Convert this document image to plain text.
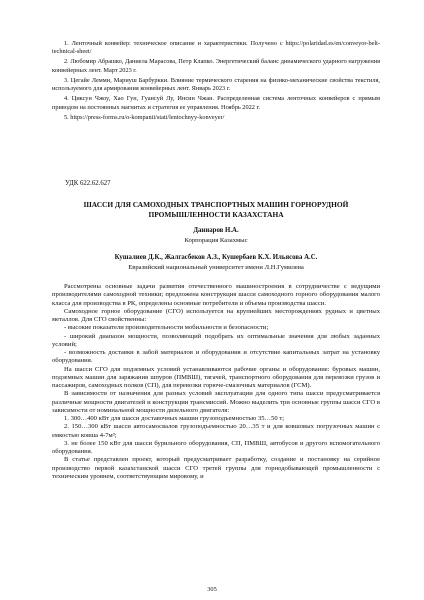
1. Ленточный конвейер: техническое описание и характеристики. Получено с https://polaridad.es/en/conveyor-belt-technical-sheet/

2. Любомир Абрашко, Даниела Марасова, Петр Клапко. Энергетический баланс динамического ударного нагружения конвейерных лент. Март 2023 г.

3. Цегайе Лемми, Мариуш Барбуркки. Влияние термического старения на физико-механические свойства текстиля, используемого для армирования конвейерных лент. Январь 2023 г.

4. Циксун Чжоу, Хао Гун, Гуансуй Лу, Инсин Чжан. Распределенная система ленточных конвейеров с прямым приводом на постоянных магнитах и стратегия ее управления. Ноябрь 2022 г.

5. https://press-forms.ru/o-kompanii/stati/lentochnyy-konveyer/

УДК 622.62.627
ШАССИ ДЛЯ САМОХОДНЫХ ТРАНСПОРТНЫХ МАШИН ГОРНОРУДНОЙ ПРОМЫШЛЕННОСТИ КАЗАХСТАНА
Даниаров Н.А.
Корпорация Казахмыс
Кушалиев Д.К., Жалгасбеков А.З., Кушербаев К.Х. Ильясова А.С.
Евразийский национальный университет имени Л.Н.Гумилева

Рассмотрены основные задачи развития отечественного машиностроения в сотрудничестве с ведущими производителями самоходной техники; предложена конструкция шасси самоходного горного оборудования малого класса для производства в РК, определены основные потребители и объемы производства шасси.

Самоходное горное оборудование (СГО) используется на крупнейших месторождениях рудных и цветных металлов. Для СГО свойственны:

- высокие показатели производительности мобильности и безопасности;

- широкий диапазон мощности, позволяющий подобрать их оптимальные значения для любых заданных условий;

- возможность доставки в забой материалов и оборудования и отсутствие капитальных затрат на установку оборудования.

На шасси СГО для подземных условий устанавливаются рабочие органы и оборудование: буровых машин, подземных машин для заряжания шпуров (ПМВШ), тягачей, транспортного оборудования для перевозки грузов и пассажиров, самоходных полков (СП), для перевозки горюче-смазочных материалов (ГСМ).

В зависимости от назначения для разных условий эксплуатации для одного типа шасси предусматривается различные мощности двигателей и конструкции трансмиссий. Можно выделить три основные группы шасси СГО в зависимости от номинальной мощности дизельного двигателя:

1. 300…400 кВт для шасси доставочных машин грузоподъемностью 35…50 т;

2. 150…300 кВт шасси автосамосвалов грузоподъемностью 20…35 т и для ковшовых погрузочных машин с емкостью ковша 4-7м³;

3. не более 150 кВт для шасси бурильного оборудования, СП, ПМВШ, автобусов и другого вспомогательного оборудования.

В статье представлен проект, который предусматривает разработку, создание и постановку на серийное производство первой казахстанской шасси СГО третей группы для горнодобывающей промышленности с техническим уровнем, соответствующим мировому, и

305
